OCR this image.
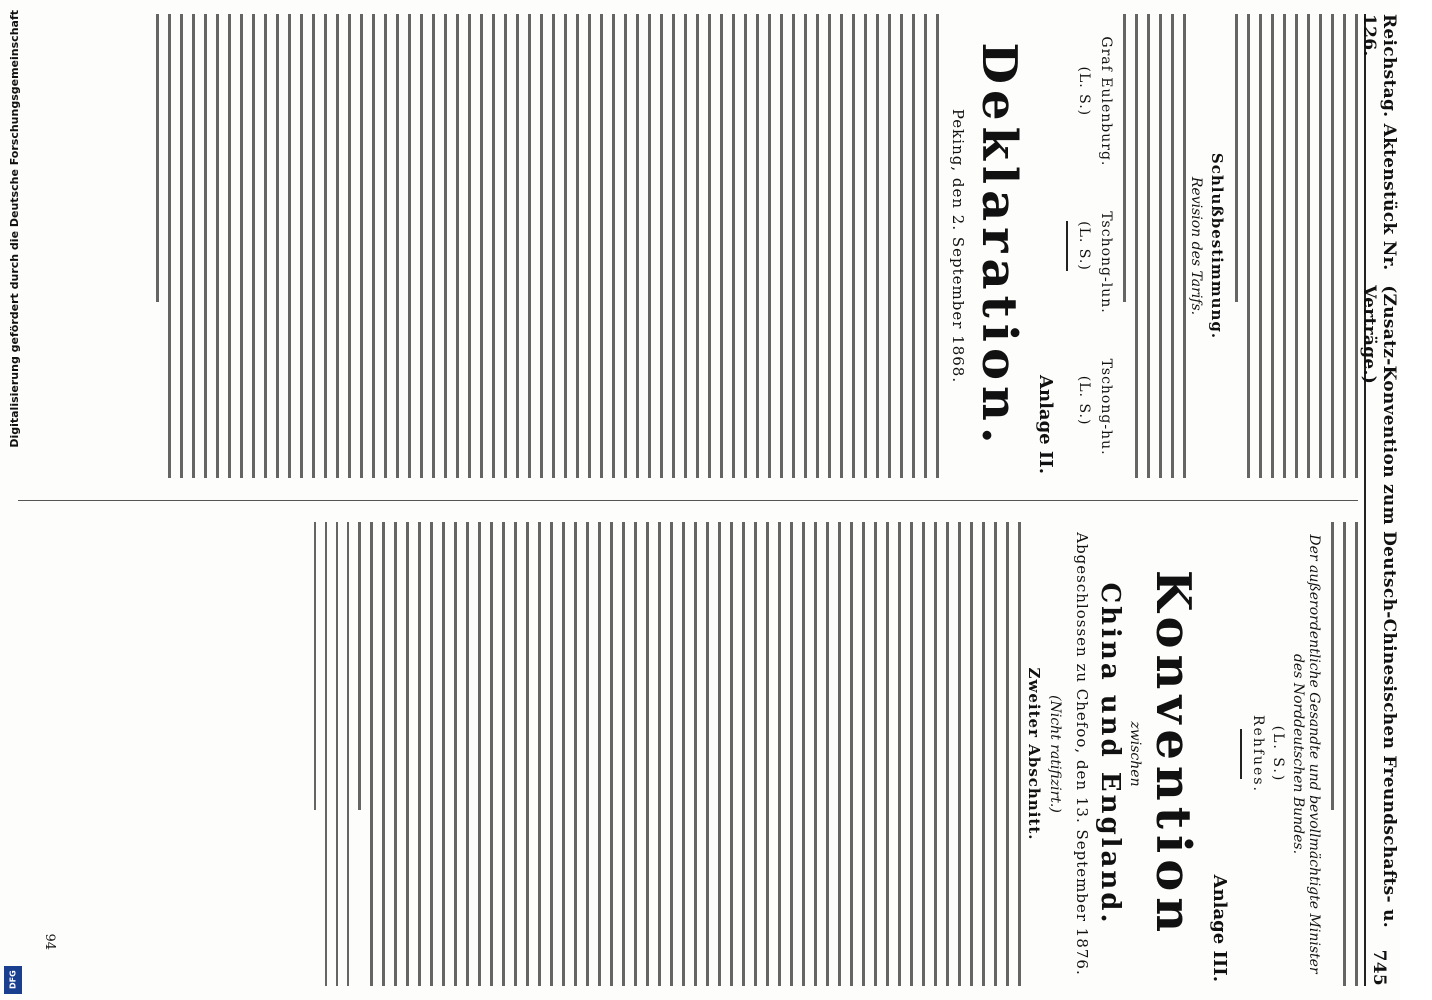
Reichstag. Aktenstück Nr. 126.
(Zusatz-Konvention zum Deutsch-Chinesischen Freundschafts- u. Verträge.)
745
Schlußbestimmung.
Revision des Tarifs.
Graf Eulenburg.
Tschong-lun.
Tschong-hu.
(L. S.)
(L. S.)
(L. S.)
Anlage II.
Deklaration.
Peking, den 2. September 1868.
Der außerordentliche Gesandte und bevollmächtigte Minister des Norddeutschen Bundes.
(L. S.)
Rehfues.
Anlage III.
Konvention
zwischen
China und England.
Abgeschlossen zu Chefoo, den 13. September 1876.
(Nicht ratifizirt.)
Zweiter Abschnitt.
94
Digitalisierung gefördert durch die Deutsche Forschungsgemeinschaft
DFG
